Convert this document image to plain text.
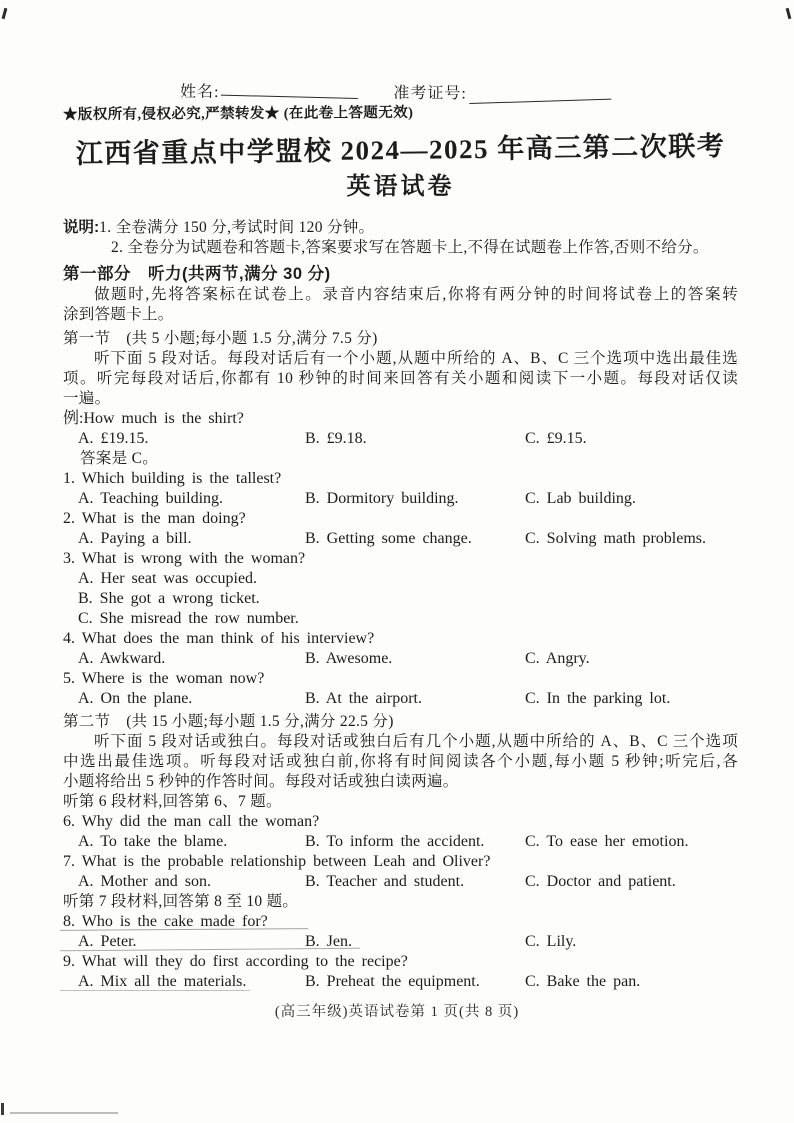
姓名:	准考证号:
★版权所有,侵权必究,严禁转发★ (在此卷上答题无效)
江西省重点中学盟校 2024—2025 年高三第二次联考
英语试卷
说明:1. 全卷满分 150 分,考试时间 120 分钟。
2. 全卷分为试题卷和答题卡,答案要求写在答题卡上,不得在试题卷上作答,否则不给分。
第一部分　听力(共两节,满分 30 分)
做题时,先将答案标在试卷上。录音内容结束后,你将有两分钟的时间将试卷上的答案转
涂到答题卡上。
第一节　(共 5 小题;每小题 1.5 分,满分 7.5 分)
听下面 5 段对话。每段对话后有一个小题,从题中所给的 A、B、C 三个选项中选出最佳选
项。听完每段对话后,你都有 10 秒钟的时间来回答有关小题和阅读下一小题。每段对话仅读
一遍。
例:How much is the shirt?
A. £19.15.	B. £9.18.	C. £9.15.
答案是 C。
1. Which building is the tallest?
A. Teaching building.	B. Dormitory building.	C. Lab building.
2. What is the man doing?
A. Paying a bill.	B. Getting some change.	C. Solving math problems.
3. What is wrong with the woman?
A. Her seat was occupied.
B. She got a wrong ticket.
C. She misread the row number.
4. What does the man think of his interview?
A. Awkward.	B. Awesome.	C. Angry.
5. Where is the woman now?
A. On the plane.	B. At the airport.	C. In the parking lot.
第二节　(共 15 小题;每小题 1.5 分,满分 22.5 分)
听下面 5 段对话或独白。每段对话或独白后有几个小题,从题中所给的 A、B、C 三个选项
中选出最佳选项。听每段对话或独白前,你将有时间阅读各个小题,每小题 5 秒钟;听完后,各
小题将给出 5 秒钟的作答时间。每段对话或独白读两遍。
听第 6 段材料,回答第 6、7 题。
6. Why did the man call the woman?
A. To take the blame.	B. To inform the accident.	C. To ease her emotion.
7. What is the probable relationship between Leah and Oliver?
A. Mother and son.	B. Teacher and student.	C. Doctor and patient.
听第 7 段材料,回答第 8 至 10 题。
8. Who is the cake made for?
A. Peter.	B. Jen.	C. Lily.
9. What will they do first according to the recipe?
A. Mix all the materials.	B. Preheat the equipment.	C. Bake the pan.
(高三年级)英语试卷第 1 页(共 8 页)
